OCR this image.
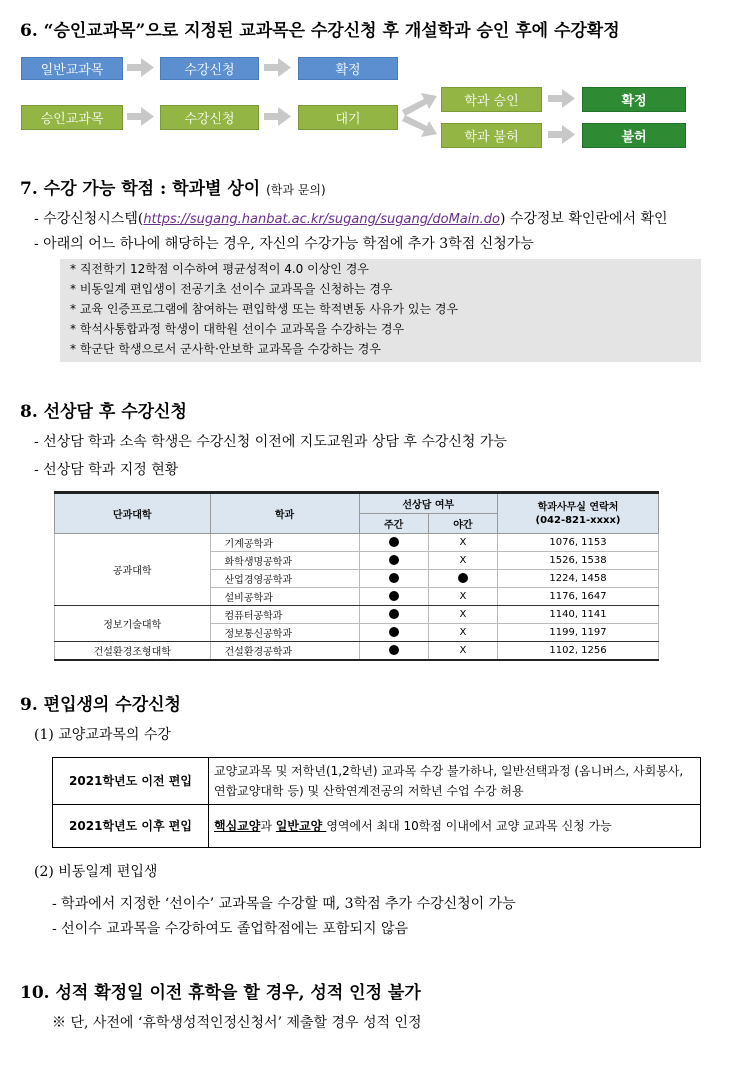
6. “승인교과목”으로 지정된 교과목은 수강신청 후 개설학과 승인 후에 수강확정
일반교과목	수강신청	확정
승인교과목	수강신청	대기
학과 승인
학과 불허
확정
불허
7. 수강 가능 학점 : 학과별 상이 (학과 문의)
- 수강신청시스템(https://sugang.hanbat.ac.kr/sugang/sugang/doMain.do) 수강정보 확인란에서 확인
- 아래의 어느 하나에 해당하는 경우, 자신의 수강가능 학점에 추가 3학점 신청가능
* 직전학기 12학점 이수하여 평균성적이 4.0 이상인 경우
* 비동일계 편입생이 전공기초 선이수 교과목을 신청하는 경우
* 교육 인증프로그램에 참여하는 편입학생 또는 학적변동 사유가 있는 경우
* 학석사통합과정 학생이 대학원 선이수 교과목을 수강하는 경우
* 학군단 학생으로서 군사학·안보학 교과목을 수강하는 경우
8. 선상담 후 수강신청
- 선상담 학과 소속 학생은 수강신청 이전에 지도교원과 상담 후 수강신청 가능
- 선상담 학과 지정 현황
단과대학	학과	선상담 여부		학과사무실 연락처
(042-821-xxxx)
		주간	야간	
공과대학	기계공학과		X	1076, 1153
	화학생명공학과		X	1526, 1538
	산업경영공학과			1224, 1458
	설비공학과		X	1176, 1647
정보기술대학	컴퓨터공학과		X	1140, 1141
	정보통신공학과		X	1199, 1197
건설환경조형대학	건설환경공학과		X	1102, 1256
9. 편입생의 수강신청
(1) 교양교과목의 수강
2021학년도 이전 편입	교양교과목 및 저학년(1,2학년) 교과목 수강 불가하나, 일반선택과정 (옴니버스, 사회봉사, 연합교양대학 등) 및 산학연계전공의 저학년 수업 수강 허용
2021학년도 이후 편입	핵심교양과 일반교양 영역에서 최대 10학점 이내에서 교양 교과목 신청 가능
(2) 비동일계 편입생
- 학과에서 지정한 ‘선이수’ 교과목을 수강할 때, 3학점 추가 수강신청이 가능
- 선이수 교과목을 수강하여도 졸업학점에는 포함되지 않음
10. 성적 확정일 이전 휴학을 할 경우, 성적 인정 불가
※ 단, 사전에 ‘휴학생성적인정신청서’ 제출할 경우 성적 인정
